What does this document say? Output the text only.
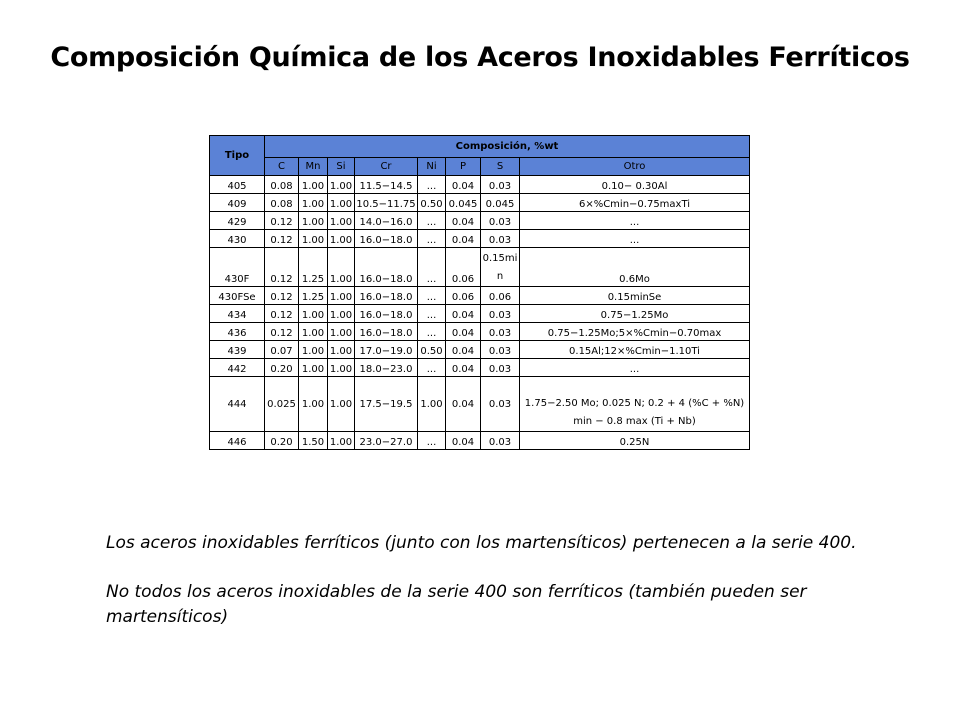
Composición Química de los Aceros Inoxidables Ferríticos
Tipo	Composición, %wt							
	C	Mn	Si	Cr	Ni	P	S	Otro
405	0.08	1.00	1.00	11.5−14.5	...	0.04	0.03	0.10− 0.30Al
409	0.08	1.00	1.00	10.5−11.75	0.50	0.045	0.045	6×%Cmin−0.75maxTi
429	0.12	1.00	1.00	14.0−16.0	...	0.04	0.03	...
430	0.12	1.00	1.00	16.0−18.0	...	0.04	0.03	...
430F	0.12	1.25	1.00	16.0−18.0	...	0.06	0.15mi n	0.6Mo
430FSe	0.12	1.25	1.00	16.0−18.0	...	0.06	0.06	0.15minSe
434	0.12	1.00	1.00	16.0−18.0	...	0.04	0.03	0.75−1.25Mo
436	0.12	1.00	1.00	16.0−18.0	...	0.04	0.03	0.75−1.25Mo;5×%Cmin−0.70max
439	0.07	1.00	1.00	17.0−19.0	0.50	0.04	0.03	0.15Al;12×%Cmin−1.10Ti
442	0.20	1.00	1.00	18.0−23.0	...	0.04	0.03	...
444	0.025	1.00	1.00	17.5−19.5	1.00	0.04	0.03	1.75−2.50 Mo; 0.025 N; 0.2 + 4 (%C + %N) min − 0.8 max (Ti + Nb)
446	0.20	1.50	1.00	23.0−27.0	...	0.04	0.03	0.25N
Los aceros inoxidables ferríticos (junto con los martensíticos) pertenecen a la serie 400.
No todos los aceros inoxidables de la serie 400 son ferríticos (también pueden ser martensíticos)
